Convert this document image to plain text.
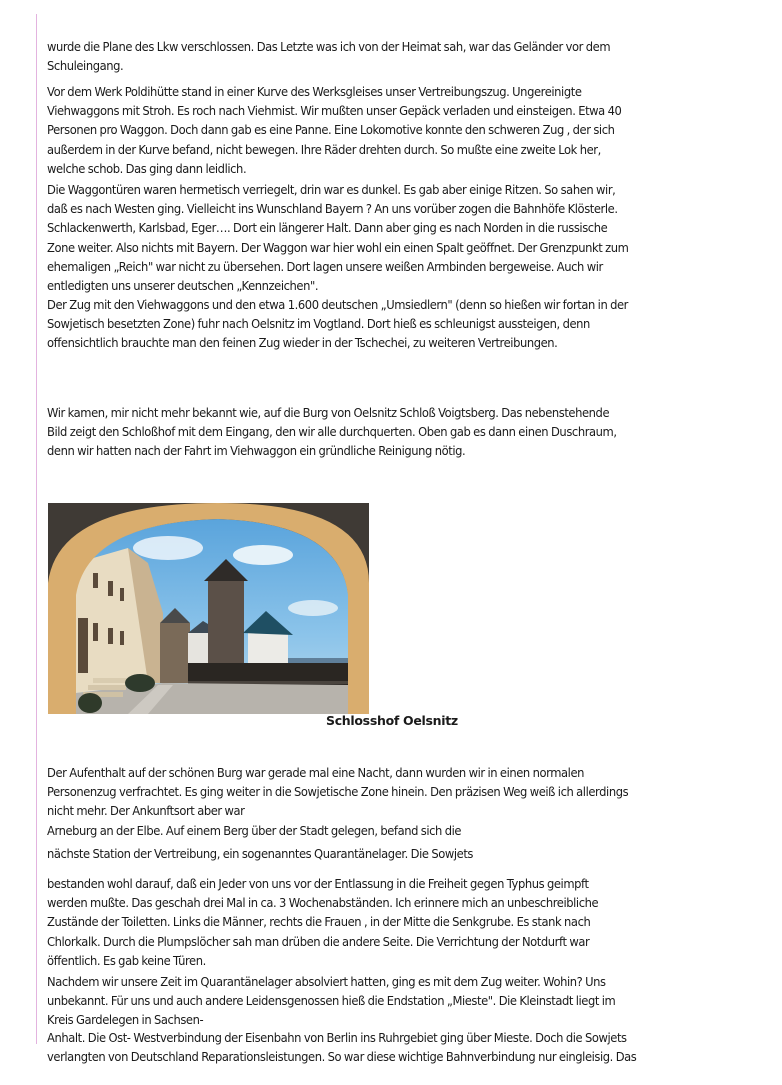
wurde die Plane des Lkw verschlossen. Das Letzte was ich von der Heimat sah, war das Geländer vor dem
Schuleingang.
Vor dem Werk Poldihütte stand in einer Kurve des Werksgleises unser Vertreibungszug. Ungereinigte
Viehwaggons mit Stroh. Es roch nach Viehmist. Wir mußten unser Gepäck verladen und einsteigen. Etwa 40
Personen pro Waggon. Doch dann gab es eine Panne. Eine Lokomotive konnte den schweren Zug , der sich
außerdem in der Kurve befand, nicht bewegen. Ihre Räder drehten durch. So mußte eine zweite Lok her,
welche schob. Das ging dann leidlich.
Die Waggontüren waren hermetisch verriegelt, drin war es dunkel. Es gab aber einige Ritzen. So sahen wir,
daß es nach Westen ging. Vielleicht ins Wunschland Bayern ? An uns vorüber zogen die Bahnhöfe Klösterle.
Schlackenwerth, Karlsbad, Eger…. Dort ein längerer Halt. Dann aber ging es nach Norden in die russische
Zone weiter. Also nichts mit Bayern. Der Waggon war hier wohl ein einen Spalt geöffnet. Der Grenzpunkt zum
ehemaligen „Reich" war nicht zu übersehen. Dort lagen unsere weißen Armbinden bergeweise. Auch wir
entledigten uns unserer deutschen „Kennzeichen".
Der Zug mit den Viehwaggons und den etwa 1.600 deutschen „Umsiedlern" (denn so hießen wir fortan in der
Sowjetisch besetzten Zone) fuhr nach Oelsnitz im Vogtland. Dort hieß es schleunigst aussteigen, denn
offensichtlich brauchte man den feinen Zug wieder in der Tschechei, zu weiteren Vertreibungen.
Wir kamen, mir nicht mehr bekannt wie, auf die Burg von Oelsnitz Schloß Voigtsberg. Das nebenstehende
Bild zeigt den Schloßhof mit dem Eingang, den wir alle durchquerten. Oben gab es dann einen Duschraum,
denn wir hatten nach der Fahrt im Viehwaggon ein gründliche Reinigung nötig.
Schlosshof Oelsnitz
Der Aufenthalt auf der schönen Burg war gerade mal eine Nacht, dann wurden wir in einen normalen
Personenzug verfrachtet. Es ging weiter in die Sowjetische Zone hinein. Den präzisen Weg weiß ich allerdings
nicht mehr. Der Ankunftsort aber war
Arneburg an der Elbe. Auf einem Berg über der Stadt gelegen, befand sich die
nächste Station der Vertreibung, ein sogenanntes Quarantänelager. Die Sowjets
bestanden wohl darauf, daß ein Jeder von uns vor der Entlassung in die Freiheit gegen Typhus geimpft
werden mußte. Das geschah drei Mal in ca. 3 Wochenabständen. Ich erinnere mich an unbeschreibliche
Zustände der Toiletten. Links die Männer, rechts die Frauen , in der Mitte die Senkgrube. Es stank nach
Chlorkalk. Durch die Plumpslöcher sah man drüben die andere Seite. Die Verrichtung der Notdurft war
öffentlich. Es gab keine Türen.
Nachdem wir unsere Zeit im Quarantänelager absolviert hatten, ging es mit dem Zug weiter. Wohin? Uns
unbekannt. Für uns und auch andere Leidensgenossen hieß die Endstation „Mieste". Die Kleinstadt liegt im
Kreis Gardelegen in Sachsen-
Anhalt. Die Ost- Westverbindung der Eisenbahn von Berlin ins Ruhrgebiet ging über Mieste. Doch die Sowjets
verlangten von Deutschland Reparationsleistungen. So war diese wichtige Bahnverbindung nur eingleisig. Das
